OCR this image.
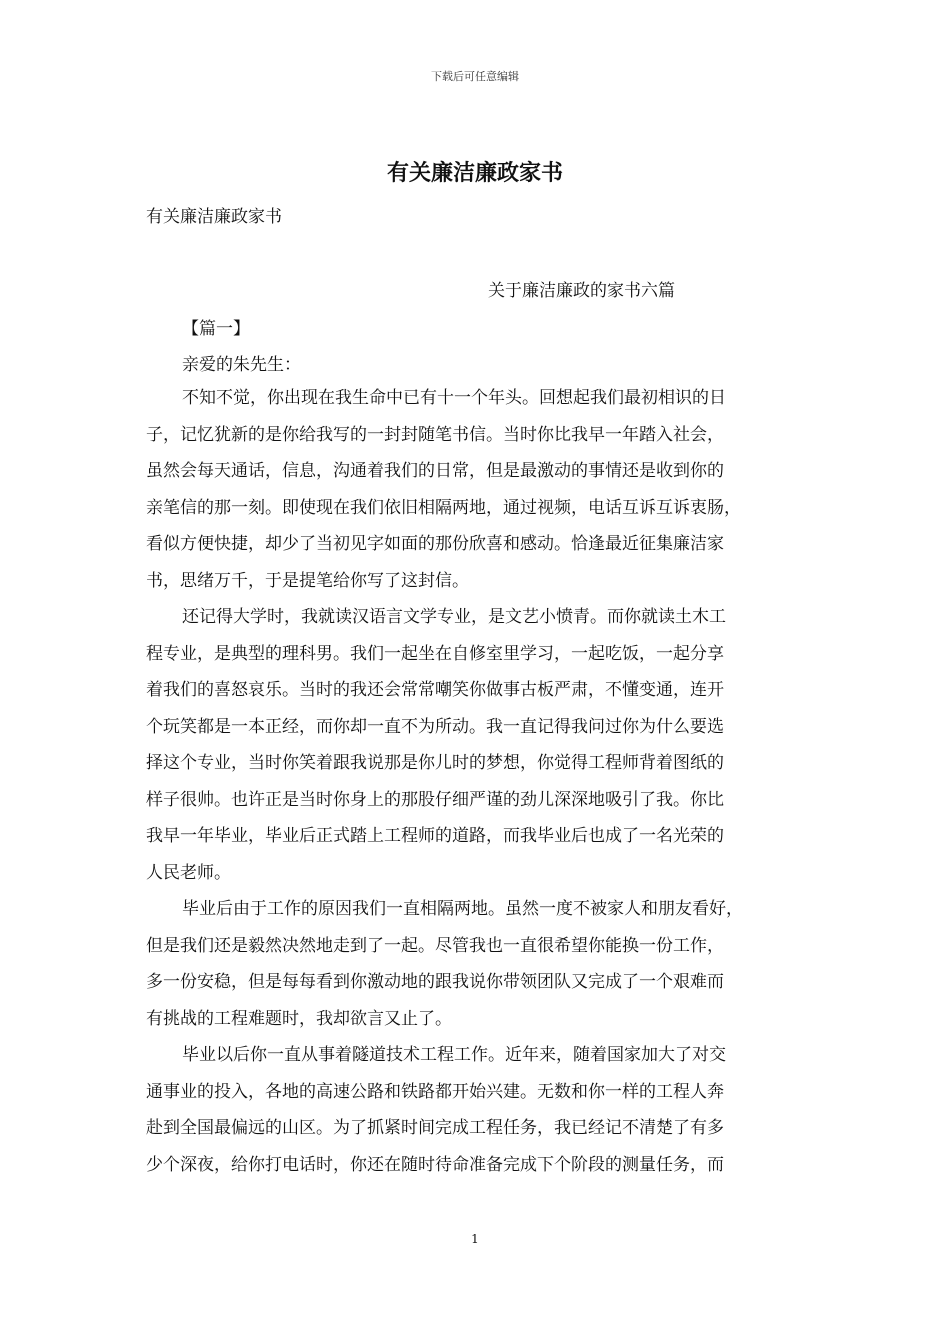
下载后可任意编辑
有关廉洁廉政家书
有关廉洁廉政家书
关于廉洁廉政的家书六篇
【篇一】
亲爱的朱先生：
不知不觉，你出现在我生命中已有十一个年头。回想起我们最初相识的日
子，记忆犹新的是你给我写的一封封随笔书信。当时你比我早一年踏入社会，
虽然会每天通话，信息，沟通着我们的日常，但是最激动的事情还是收到你的
亲笔信的那一刻。即使现在我们依旧相隔两地，通过视频，电话互诉互诉衷肠，
看似方便快捷，却少了当初见字如面的那份欣喜和感动。恰逢最近征集廉洁家
书，思绪万千，于是提笔给你写了这封信。
还记得大学时，我就读汉语言文学专业，是文艺小愤青。而你就读土木工
程专业，是典型的理科男。我们一起坐在自修室里学习，一起吃饭，一起分享
着我们的喜怒哀乐。当时的我还会常常嘲笑你做事古板严肃，不懂变通，连开
个玩笑都是一本正经，而你却一直不为所动。我一直记得我问过你为什么要选
择这个专业，当时你笑着跟我说那是你儿时的梦想，你觉得工程师背着图纸的
样子很帅。也许正是当时你身上的那股仔细严谨的劲儿深深地吸引了我。你比
我早一年毕业，毕业后正式踏上工程师的道路，而我毕业后也成了一名光荣的
人民老师。
毕业后由于工作的原因我们一直相隔两地。虽然一度不被家人和朋友看好，
但是我们还是毅然决然地走到了一起。尽管我也一直很希望你能换一份工作，
多一份安稳，但是每每看到你激动地的跟我说你带领团队又完成了一个艰难而
有挑战的工程难题时，我却欲言又止了。
毕业以后你一直从事着隧道技术工程工作。近年来，随着国家加大了对交
通事业的投入，各地的高速公路和铁路都开始兴建。无数和你一样的工程人奔
赴到全国最偏远的山区。为了抓紧时间完成工程任务，我已经记不清楚了有多
少个深夜，给你打电话时，你还在随时待命准备完成下个阶段的测量任务，而
1
